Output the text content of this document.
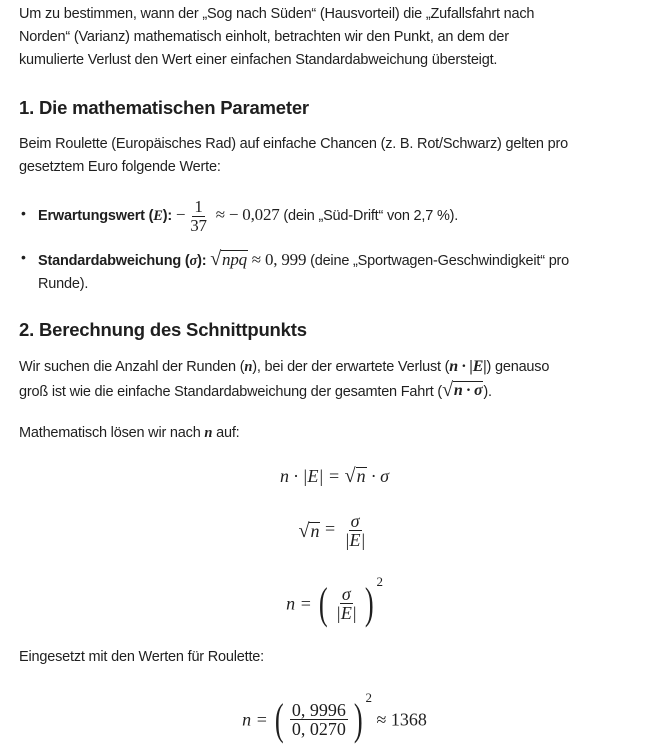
Um zu bestimmen, wann der „Sog nach Süden“ (Hausvorteil) die „Zufallsfahrt nach
Norden“ (Varianz) mathematisch einholt, betrachten wir den Punkt, an dem der
kumulierte Verlust den Wert einer einfachen Standardabweichung übersteigt.
1. Die mathematischen Parameter
Beim Roulette (Europäisches Rad) auf einfache Chancen (z. B. Rot/Schwarz) gelten pro
gesetztem Euro folgende Werte:
• Erwartungswert (E): − $\frac{1}{37}$ ≈ − 0,027 (dein „Süd-Drift“ von 2,7 %).
• Standardabweichung (σ): √ npq ≈ 0, 999 (deine „Sportwagen-Geschwindigkeit“ pro
Runde).
2. Berechnung des Schnittpunkts
Wir suchen die Anzahl der Runden (n), bei der der erwartete Verlust (n · |E|) genauso
groß ist wie die einfache Standardabweichung der gesamten Fahrt ( √ n · σ ).
Mathematisch lösen wir nach n auf:
n · |E| = √ n · σ
√ $n = \frac{\sigma}{|E|}$
n = ( $\frac{\sigma}{|E|}$ ) $^2$
Eingesetzt mit den Werten für Roulette:
n = ( $\frac{0, 9996}{0, 0270}$ ) $^2$ ≈ 1368
